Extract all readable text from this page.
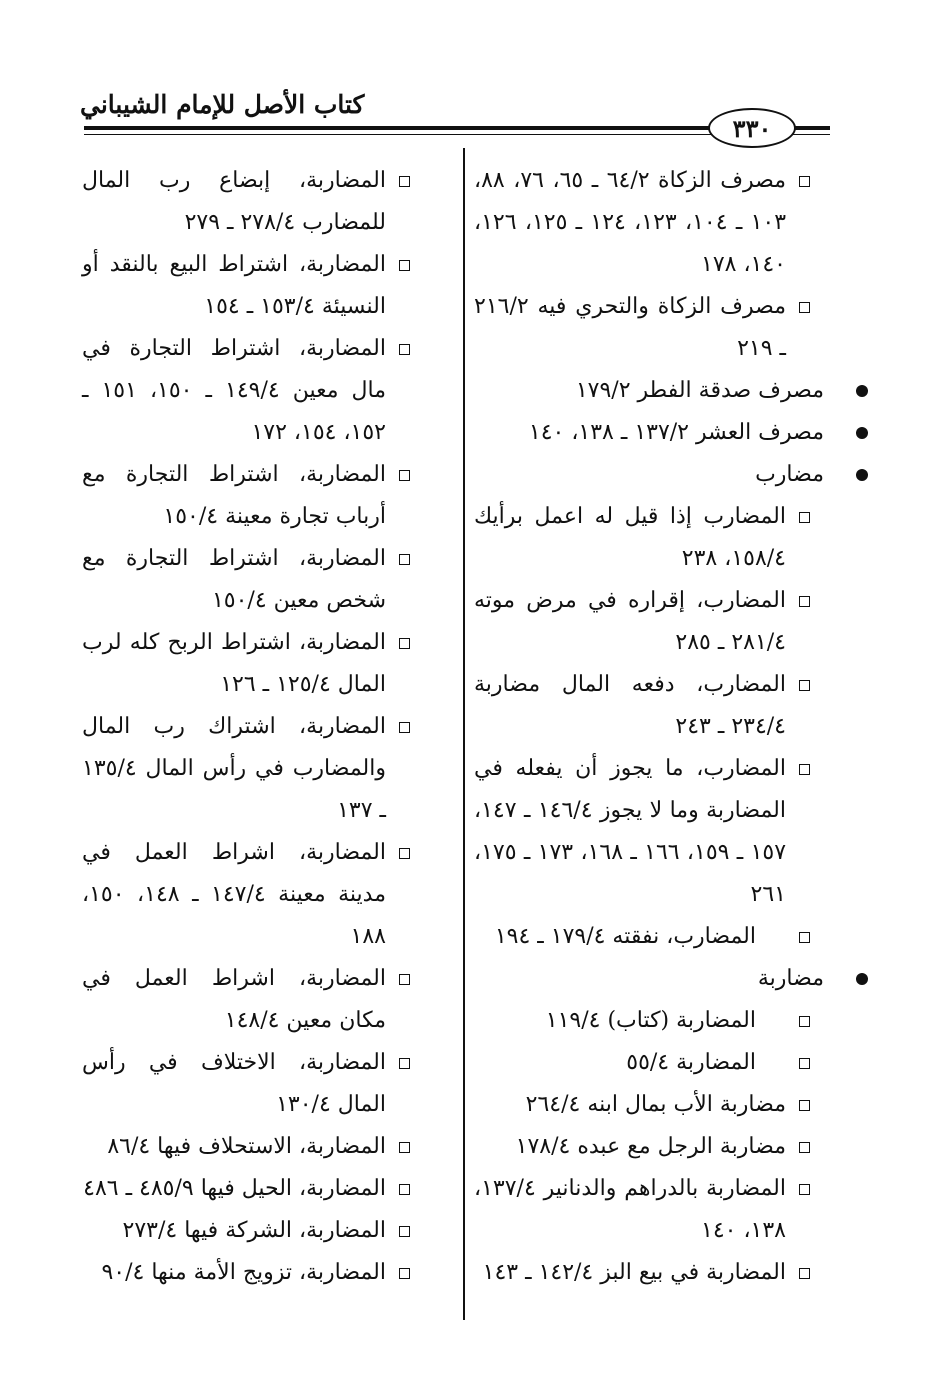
كتاب الأصل للإمام الشيباني
٣٣٠
مصرف الزكاة ٦٤/٢ ـ ٦٥، ٧٦، ٨٨، ١٠٣ ـ ١٠٤، ١٢٣، ١٢٤ ـ ١٢٥، ١٢٦، ١٤٠، ١٧٨
مصرف الزكاة والتحري فيه ٢١٦/٢ ـ ٢١٩
مصرف صدقة الفطر ١٧٩/٢
مصرف العشر ١٣٧/٢ ـ ١٣٨، ١٤٠
مضارب
المضارب إذا قيل له اعمل برأيك ١٥٨/٤، ٢٣٨
المضارب، إقراره في مرض موته ٢٨١/٤ ـ ٢٨٥
المضارب، دفعه المال مضاربة ٢٣٤/٤ ـ ٢٤٣
المضارب، ما يجوز أن يفعله في المضاربة وما لا يجوز ١٤٦/٤ ـ ١٤٧، ١٥٧ ـ ١٥٩، ١٦٦ ـ ١٦٨، ١٧٣ ـ ١٧٥، ٢٦١
المضارب، نفقته ١٧٩/٤ ـ ١٩٤
مضاربة
المضاربة (كتاب) ١١٩/٤
المضاربة ٥٥/٤
مضاربة الأب بمال ابنه ٢٦٤/٤
مضاربة الرجل مع عبده ١٧٨/٤
المضاربة بالدراهم والدنانير ١٣٧/٤، ١٣٨، ١٤٠
المضاربة في بيع البز ١٤٢/٤ ـ ١٤٣
المضاربة، إبضاع رب المال للمضارب ٢٧٨/٤ ـ ٢٧٩
المضاربة، اشتراط البيع بالنقد أو النسيئة ١٥٣/٤ ـ ١٥٤
المضاربة، اشتراط التجارة في مال معين ١٤٩/٤ ـ ١٥٠، ١٥١ ـ ١٥٢، ١٥٤، ١٧٢
المضاربة، اشتراط التجارة مع أرباب تجارة معينة ١٥٠/٤
المضاربة، اشتراط التجارة مع شخص معين ١٥٠/٤
المضاربة، اشتراط الربح كله لرب المال ١٢٥/٤ ـ ١٢٦
المضاربة، اشتراك رب المال والمضارب في رأس المال ١٣٥/٤ ـ ١٣٧
المضاربة، اشراط العمل في مدينة معينة ١٤٧/٤ ـ ١٤٨، ١٥٠، ١٨٨
المضاربة، اشراط العمل في مكان معين ١٤٨/٤
المضاربة، الاختلاف في رأس المال ١٣٠/٤
المضاربة، الاستحلاف فيها ٨٦/٤
المضاربة، الحيل فيها ٤٨٥/٩ ـ ٤٨٦
المضاربة، الشركة فيها ٢٧٣/٤
المضاربة، تزويج الأمة منها ٩٠/٤
